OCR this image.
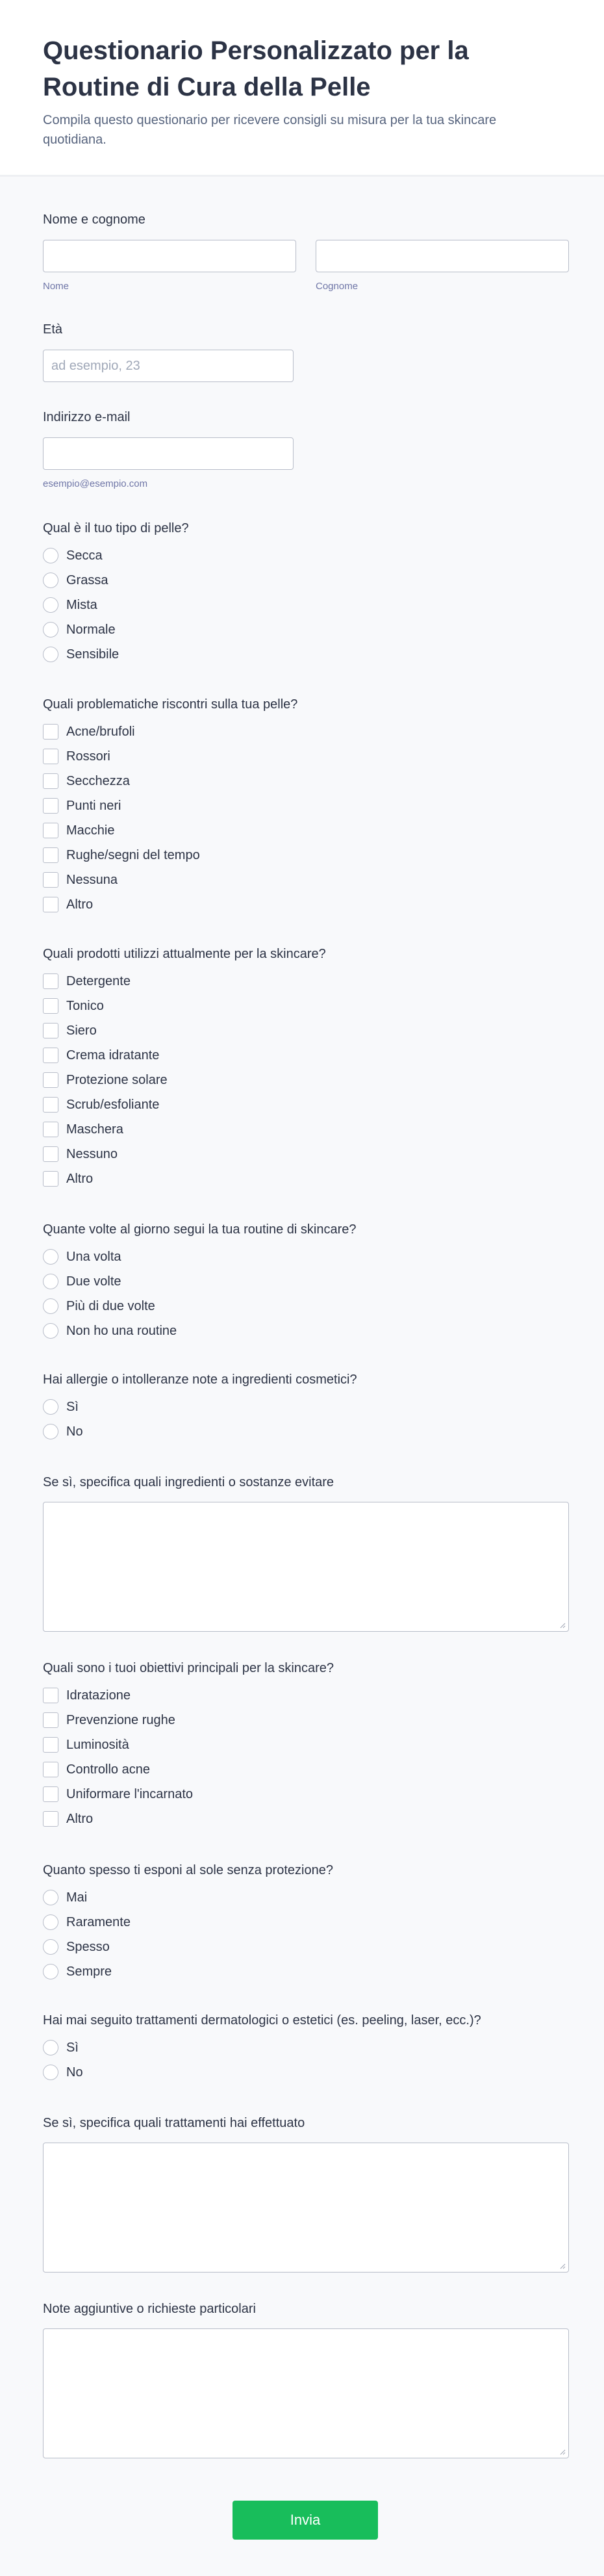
Questionario Personalizzato per la Routine di Cura della Pelle

Compila questo questionario per ricevere consigli su misura per la tua skincare quotidiana.

Nome e cognome
Nome	Cognome
Età
ad esempio, 23
Indirizzo e-mail
esempio@esempio.com
Qual è il tuo tipo di pelle?
Secca
Grassa
Mista
Normale
Sensibile
Quali problematiche riscontri sulla tua pelle?
Acne/brufoli
Rossori
Secchezza
Punti neri
Macchie
Rughe/segni del tempo
Nessuna
Altro
Quali prodotti utilizzi attualmente per la skincare?
Detergente
Tonico
Siero
Crema idratante
Protezione solare
Scrub/esfoliante
Maschera
Nessuno
Altro
Quante volte al giorno segui la tua routine di skincare?
Una volta
Due volte
Più di due volte
Non ho una routine
Hai allergie o intolleranze note a ingredienti cosmetici?
Sì
No
Se sì, specifica quali ingredienti o sostanze evitare
Quali sono i tuoi obiettivi principali per la skincare?
Idratazione
Prevenzione rughe
Luminosità
Controllo acne
Uniformare l'incarnato
Altro
Quanto spesso ti esponi al sole senza protezione?
Mai
Raramente
Spesso
Sempre
Hai mai seguito trattamenti dermatologici o estetici (es. peeling, laser, ecc.)?
Sì
No
Se sì, specifica quali trattamenti hai effettuato
Note aggiuntive o richieste particolari
Invia
